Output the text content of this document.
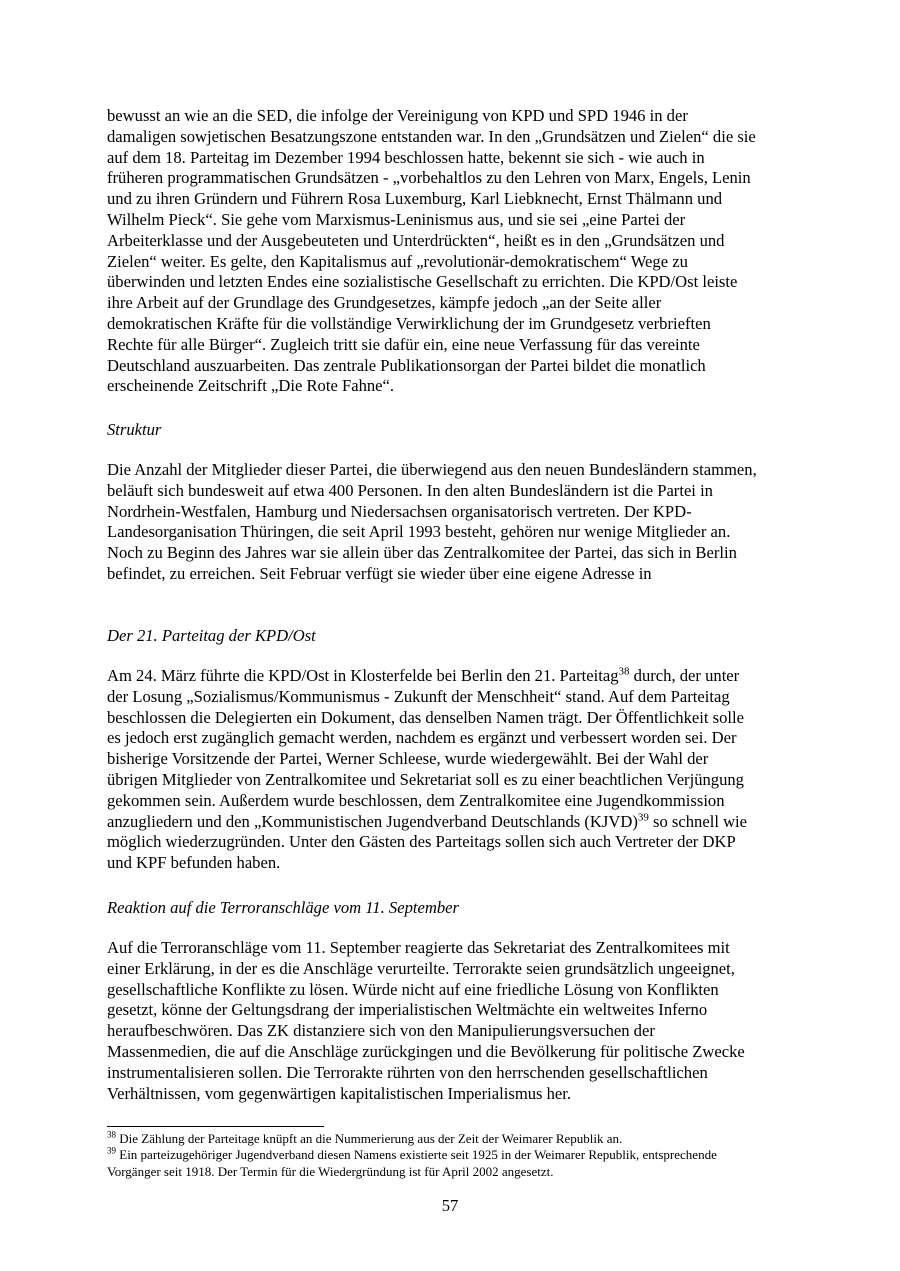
bewusst an wie an die SED, die infolge der Vereinigung von KPD und SPD 1946 in der damaligen sowjetischen Besatzungszone entstanden war. In den „Grundsätzen und Zielen“ die sie auf dem 18. Parteitag im Dezember 1994 beschlossen hatte, bekennt sie sich - wie auch in früheren programmatischen Grundsätzen - „vorbehaltlos zu den Lehren von Marx, Engels, Lenin und zu ihren Gründern und Führern Rosa Luxemburg, Karl Liebknecht, Ernst Thälmann und Wilhelm Pieck“. Sie gehe vom Marxismus-Leninismus aus, und sie sei „eine Partei der Arbeiterklasse und der Ausgebeuteten und Unterdrückten“, heißt es in den „Grundsätzen und Zielen“ weiter. Es gelte, den Kapitalismus auf „revolutionär-demokratischem“ Wege zu überwinden und letzten Endes eine sozialistische Gesellschaft zu errichten. Die KPD/Ost leiste ihre Arbeit auf der Grundlage des Grundgesetzes, kämpfe jedoch „an der Seite aller demokratischen Kräfte für die vollständige Verwirklichung der im Grundgesetz verbrieften Rechte für alle Bürger“. Zugleich tritt sie dafür ein, eine neue Verfassung für das vereinte Deutschland auszuarbeiten. Das zentrale Publikationsorgan der Partei bildet die monatlich erscheinende Zeitschrift „Die Rote Fahne“.

Struktur

Die Anzahl der Mitglieder dieser Partei, die überwiegend aus den neuen Bundesländern stammen, beläuft sich bundesweit auf etwa 400 Personen. In den alten Bundesländern ist die Partei in Nordrhein-Westfalen, Hamburg und Niedersachsen organisatorisch vertreten. Der KPD-Landesorganisation Thüringen, die seit April 1993 besteht, gehören nur wenige Mitglieder an. Noch zu Beginn des Jahres war sie allein über das Zentralkomitee der Partei, das sich in Berlin befindet, zu erreichen. Seit Februar verfügt sie wieder über eine eigene Adresse in

Der 21. Parteitag der KPD/Ost

Am 24. März führte die KPD/Ost in Klosterfelde bei Berlin den 21. Parteitag$^{38}$ durch, der unter der Losung „Sozialismus/Kommunismus - Zukunft der Menschheit“ stand. Auf dem Parteitag beschlossen die Delegierten ein Dokument, das denselben Namen trägt. Der Öffentlichkeit solle es jedoch erst zugänglich gemacht werden, nachdem es ergänzt und verbessert worden sei. Der bisherige Vorsitzende der Partei, Werner Schleese, wurde wiedergewählt. Bei der Wahl der übrigen Mitglieder von Zentralkomitee und Sekretariat soll es zu einer beachtlichen Verjüngung gekommen sein. Außerdem wurde beschlossen, dem Zentralkomitee eine Jugendkommission anzugliedern und den „Kommunistischen Jugendverband Deutschlands (KJVD)$^{39}$ so schnell wie möglich wiederzugründen. Unter den Gästen des Parteitags sollen sich auch Vertreter der DKP und KPF befunden haben.

Reaktion auf die Terroranschläge vom 11. September

Auf die Terroranschläge vom 11. September reagierte das Sekretariat des Zentralkomitees mit einer Erklärung, in der es die Anschläge verurteilte. Terrorakte seien grundsätzlich ungeeignet, gesellschaftliche Konflikte zu lösen. Würde nicht auf eine friedliche Lösung von Konflikten gesetzt, könne der Geltungsdrang der imperialistischen Weltmächte ein weltweites Inferno heraufbeschwören. Das ZK distanziere sich von den Manipulierungsversuchen der Massenmedien, die auf die Anschläge zurückgingen und die Bevölkerung für politische Zwecke instrumentalisieren sollen. Die Terrorakte rührten von den herrschenden gesellschaftlichen Verhältnissen, vom gegenwärtigen kapitalistischen Imperialismus her.

$^{38}$ Die Zählung der Parteitage knüpft an die Nummerierung aus der Zeit der Weimarer Republik an.

$^{39}$ Ein parteizugehöriger Jugendverband diesen Namens existierte seit 1925 in der Weimarer Republik, entsprechende Vorgänger seit 1918. Der Termin für die Wiedergründung ist für April 2002 angesetzt.

57
